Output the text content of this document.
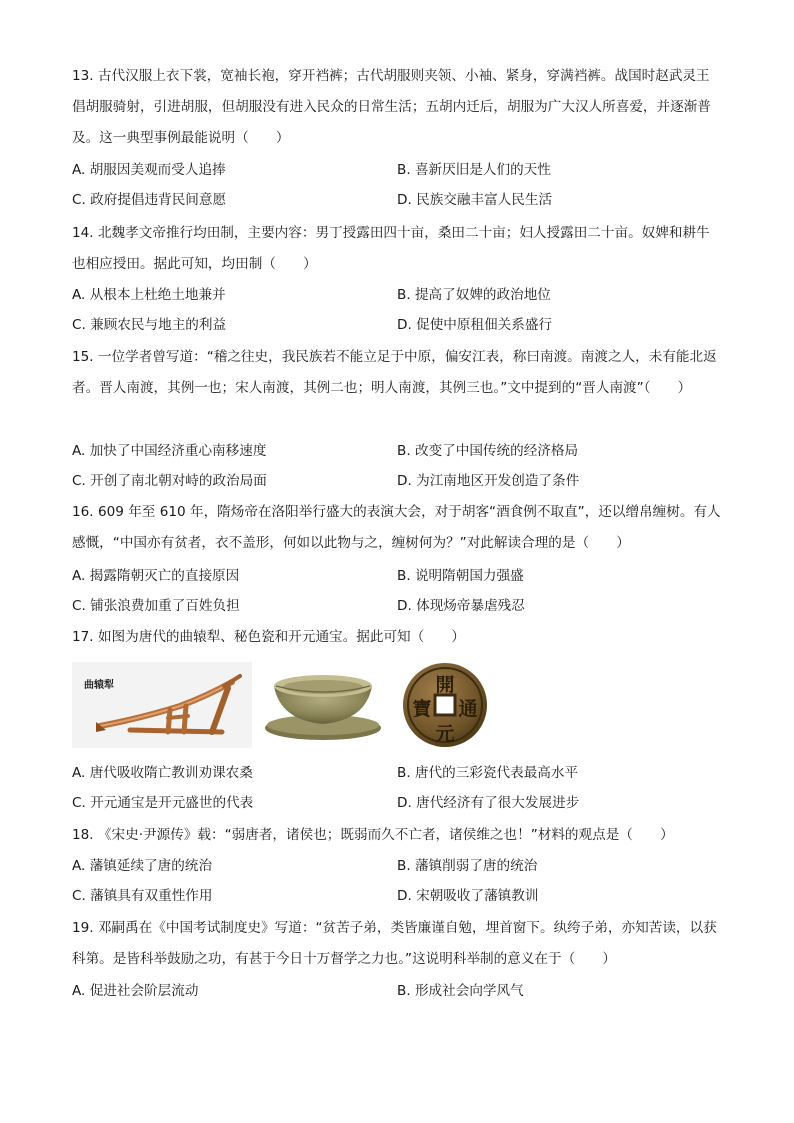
13. 古代汉服上衣下裳，宽袖长袍，穿开裆裤；古代胡服则夹领、小袖、紧身，穿满裆裤。战国时赵武灵王倡胡服骑射，引进胡服，但胡服没有进入民众的日常生活；五胡内迁后，胡服为广大汉人所喜爱，并逐渐普及。这一典型事例最能说明（　　）

A. 胡服因美观而受人追捧	B. 喜新厌旧是人们的天性
C. 政府提倡违背民间意愿	D. 民族交融丰富人民生活

14. 北魏孝文帝推行均田制，主要内容：男丁授露田四十亩，桑田二十亩；妇人授露田二十亩。奴婢和耕牛也相应授田。据此可知，均田制（　　）

A. 从根本上杜绝土地兼并	B. 提高了奴婢的政治地位
C. 兼顾农民与地主的利益	D. 促使中原租佃关系盛行

15. 一位学者曾写道：“稽之往史，我民族若不能立足于中原，偏安江表，称曰南渡。南渡之人，未有能北返者。晋人南渡，其例一也；宋人南渡，其例二也；明人南渡，其例三也。”文中提到的“晋人南渡”（　　）

A. 加快了中国经济重心南移速度	B. 改变了中国传统的经济格局
C. 开创了南北朝对峙的政治局面	D. 为江南地区开发创造了条件

16. 609 年至 610 年，隋炀帝在洛阳举行盛大的表演大会，对于胡客“酒食例不取直”，还以缯帛缠树。有人感慨，“中国亦有贫者，衣不盖形，何如以此物与之，缠树何为？”对此解读合理的是（　　）

A. 揭露隋朝灭亡的直接原因	B. 说明隋朝国力强盛
C. 铺张浪费加重了百姓负担	D. 体现炀帝暴虐残忍

17. 如图为唐代的曲辕犁、秘色瓷和开元通宝。据此可知（　　）

曲辕犁	開
元
通
寶
A. 唐代吸收隋亡教训劝课农桑	B. 唐代的三彩瓷代表最高水平
C. 开元通宝是开元盛世的代表	D. 唐代经济有了很大发展进步

18. 《宋史·尹源传》载：“弱唐者，诸侯也；既弱而久不亡者，诸侯维之也！”材料的观点是（　　）

A. 藩镇延续了唐的统治	B. 藩镇削弱了唐的统治
C. 藩镇具有双重性作用	D. 宋朝吸收了藩镇教训

19. 邓嗣禹在《中国考试制度史》写道：“贫苦子弟，类皆廉谨自勉，埋首窗下。纨绔子弟，亦知苦读，以获科第。是皆科举鼓励之功，有甚于今日十万督学之力也。”这说明科举制的意义在于（　　）

A. 促进社会阶层流动	B. 形成社会向学风气
